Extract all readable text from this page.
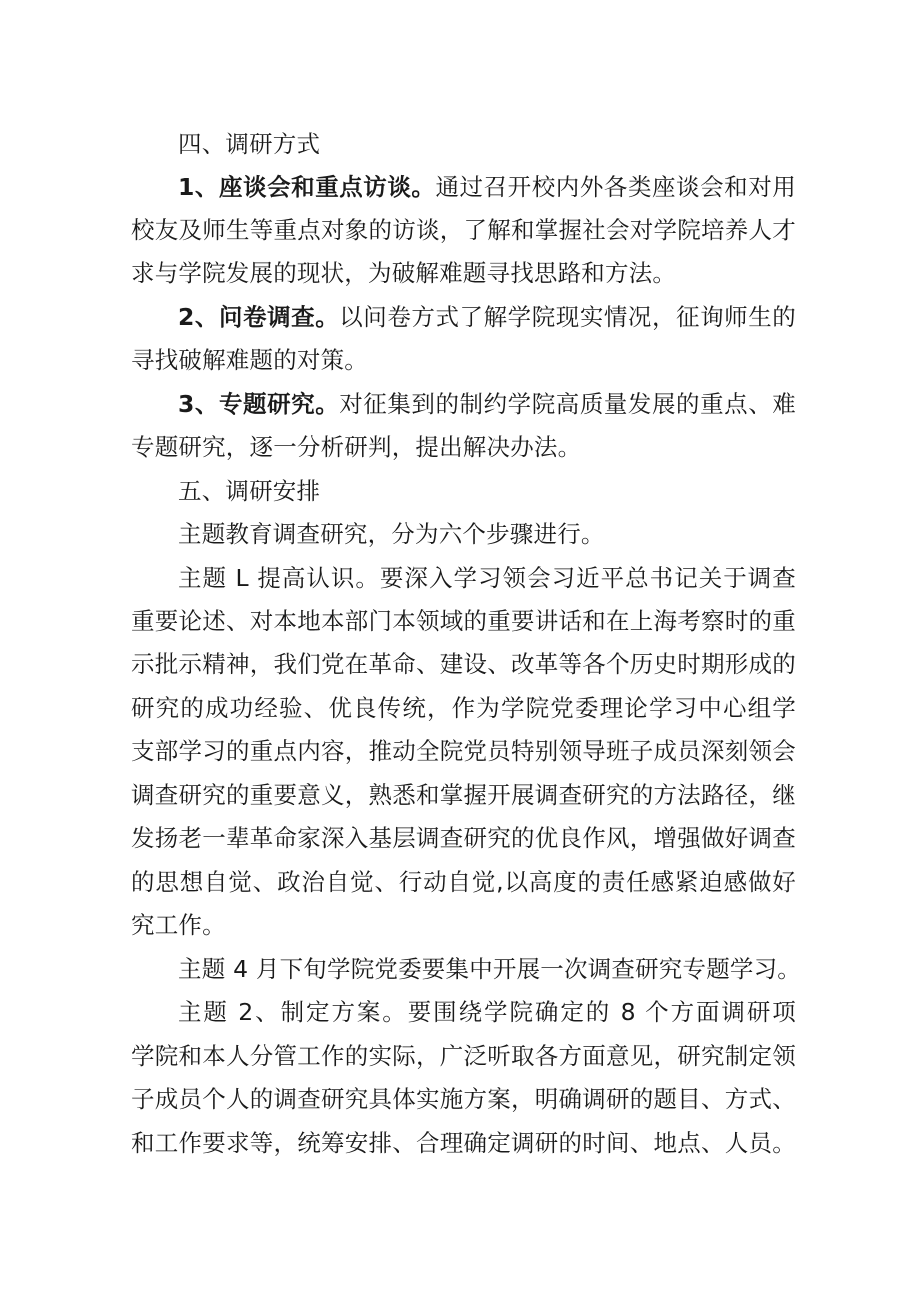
四、调研方式
1、座谈会和重点访谈。通过召开校内外各类座谈会和对用
校友及师生等重点对象的访谈，了解和掌握社会对学院培养人才
求与学院发展的现状，为破解难题寻找思路和方法。
2、问卷调查。以问卷方式了解学院现实情况，征询师生的
寻找破解难题的对策。
3、专题研究。对征集到的制约学院高质量发展的重点、难
专题研究，逐一分析研判，提出解决办法。
五、调研安排
主题教育调查研究，分为六个步骤进行。
主题 L 提高认识。要深入学习领会习近平总书记关于调查
重要论述、对本地本部门本领域的重要讲话和在上海考察时的重
示批示精神，我们党在革命、建设、改革等各个历史时期形成的
研究的成功经验、优良传统，作为学院党委理论学习中心组学
支部学习的重点内容，推动全院党员特别领导班子成员深刻领会
调查研究的重要意义，熟悉和掌握开展调查研究的方法路径，继
发扬老一辈革命家深入基层调查研究的优良作风，增强做好调查
的思想自觉、政治自觉、行动自觉,以高度的责任感紧迫感做好
究工作。
主题 4 月下旬学院党委要集中开展一次调查研究专题学习。
主题 2、制定方案。要围绕学院确定的 8 个方面调研项
学院和本人分管工作的实际，广泛听取各方面意见，研究制定领
子成员个人的调查研究具体实施方案，明确调研的题目、方式、
和工作要求等，统筹安排、合理确定调研的时间、地点、人员。
